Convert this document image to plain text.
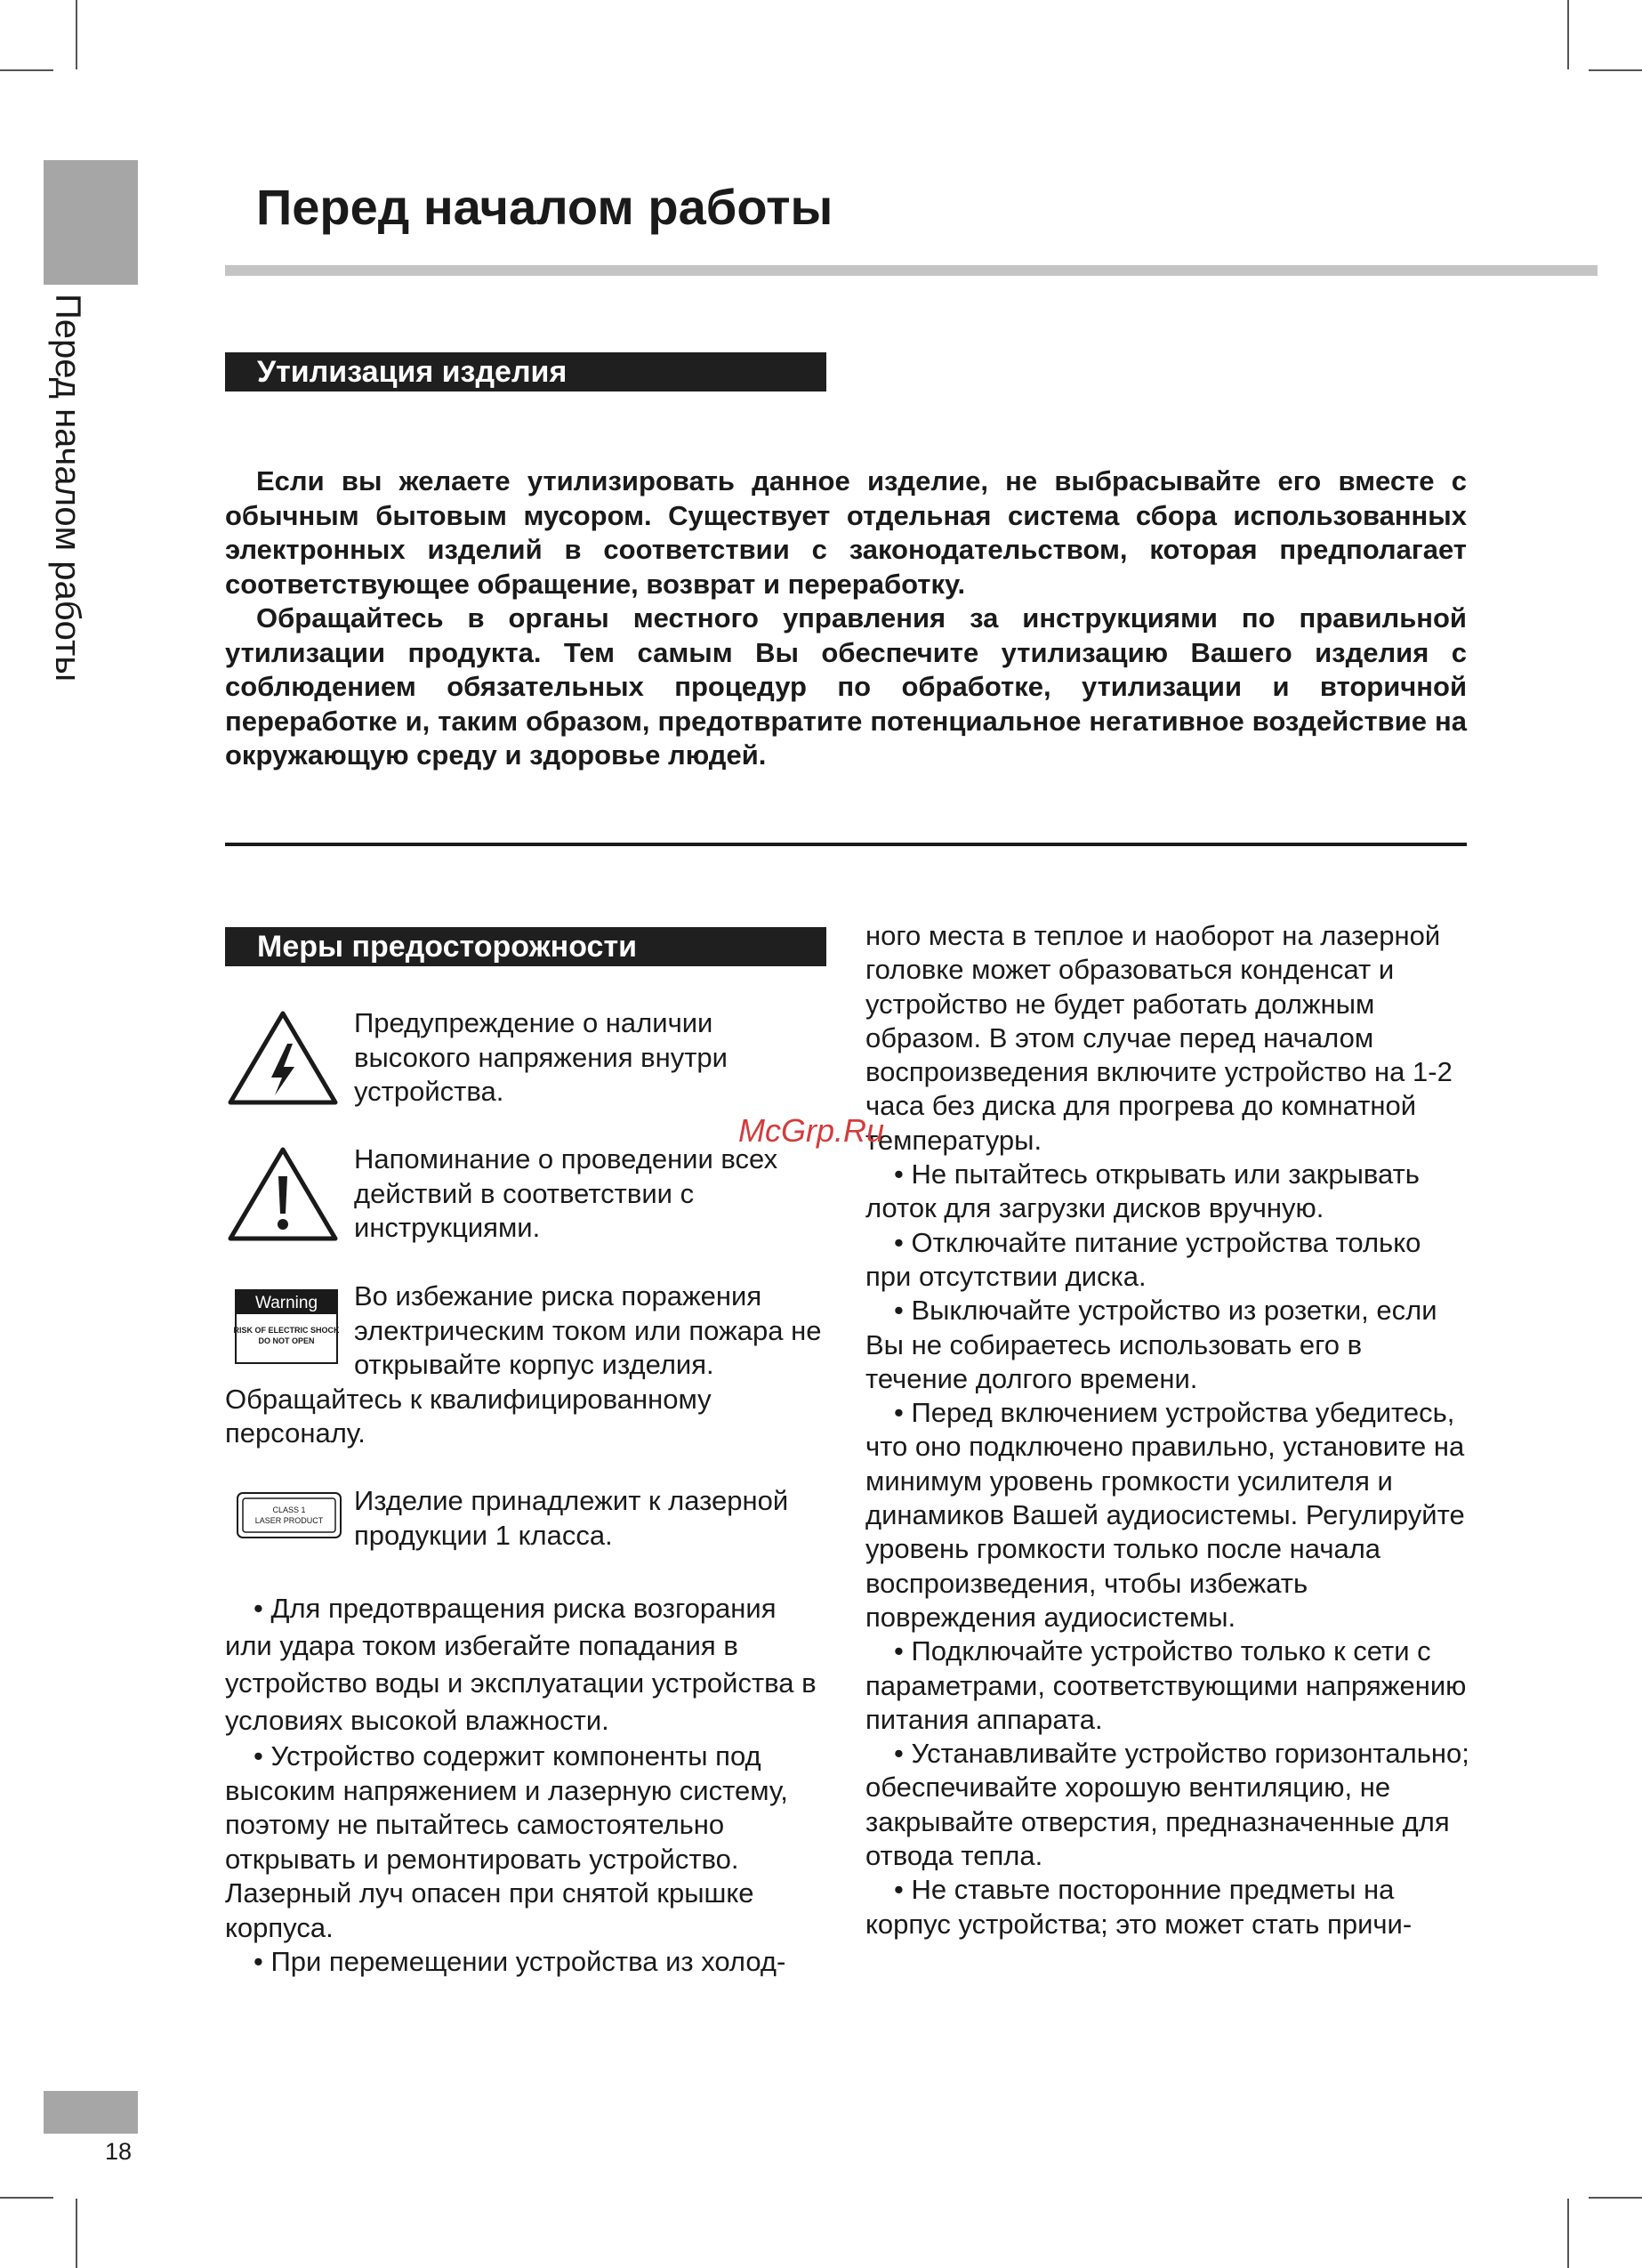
Перед началом работы
Перед началом работы
Утилизация изделия

Если вы желаете утилизировать данное изделие, не выбрасывайте его вместе с обычным бытовым мусором. Существует отдельная система сбора использованных электронных изделий в соответствии с законодательством, которая предполагает соответствующее обращение, возврат и переработку.

Обращайтесь в органы местного управления за инструкциями по правильной утилизации продукта. Тем самым Вы обеспечите утилизацию Вашего изделия с соблюдением обязательных процедур по обработке, утилизации и вторичной переработке и, таким образом, предотвратите потенциальное негативное воздействие на окружающую среду и здоровье людей.

Меры предосторожности

Предупреждение о наличии высокого напряжения внутри устройства.

Напоминание о проведении всех действий в соответствии с инструкциями.

Warning
RISK OF ELECTRIC SHOCK
DO NOT OPEN

Во избежание риска поражения электрическим током или пожара не открывайте корпус изделия.

Обращайтесь к квалифицированному персоналу.

CLASS 1
LASER PRODUCT

Изделие принадлежит к лазерной продукции 1 класса.

• Для предотвращения риска возгорания или удара током избегайте попадания в устройство воды и эксплуатации устройства в условиях высокой влажности.

• Устройство содержит компоненты под высоким напряжением и лазерную систему, поэтому не пытайтесь самостоятельно открывать и ремонтировать устройство. Лазерный луч опасен при снятой крышке корпуса.

• При перемещении устройства из холод-

ного места в теплое и наоборот на лазерной головке может образоваться конденсат и устройство не будет работать должным образом. В этом случае перед началом воспроизведения включите устройство на 1-2 часа без диска для прогрева до комнатной температуры.

• Не пытайтесь открывать или закрывать лоток для загрузки дисков вручную.

• Отключайте питание устройства только при отсутствии диска.

• Выключайте устройство из розетки, если Вы не собираетесь использовать его в течение долгого времени.

• Перед включением устройства убедитесь, что оно подключено правильно, установите на минимум уровень громкости усилителя и динамиков Вашей аудиосистемы. Регулируйте уровень громкости только после начала воспроизведения, чтобы избежать повреждения аудиосистемы.

• Подключайте устройство только к сети с параметрами, соответствующими напряжению питания аппарата.

• Устанавливайте устройство горизонтально; обеспечивайте хорошую вентиляцию, не закрывайте отверстия, предназначенные для отвода тепла.

• Не ставьте посторонние предметы на корпус устройства; это может стать причи-

McGrp.Ru
18
